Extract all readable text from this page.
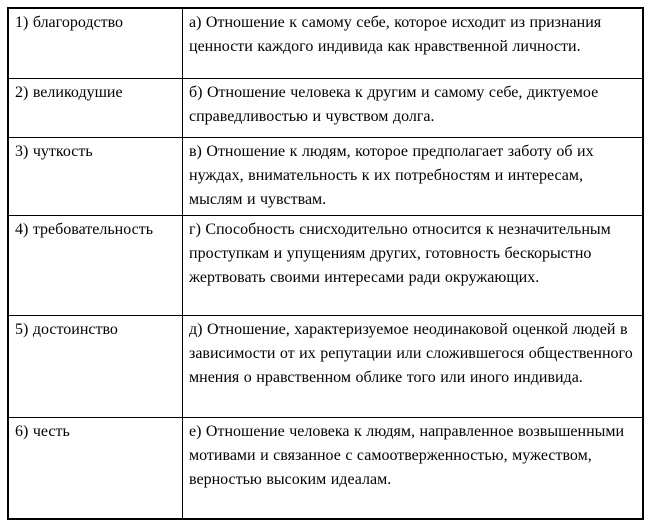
1) благородство	а) Отношение к самому себе, которое исходит из признания ценности каждого индивида как нравственной личности.
2) великодушие	б) Отношение человека к другим и самому себе, диктуемое справедливостью и чувством долга.
3) чуткость	в) Отношение к людям, которое предполагает заботу об их нуждах, внимательность к их потребностям и интересам, мыслям и чувствам.
4) требовательность	г) Способность снисходительно относится к незначительным проступкам и упущениям других, готовность бескорыстно жертвовать своими интересами ради окружающих.
5) достоинство	д) Отношение, характеризуемое неодинаковой оценкой людей в зависимости от их репутации или сложившегося общественного мнения о нравственном облике того или иного индивида.
6) честь	е) Отношение человека к людям, направленное возвышенными мотивами и связанное с самоотверженностью, мужеством, верностью высоким идеалам.
